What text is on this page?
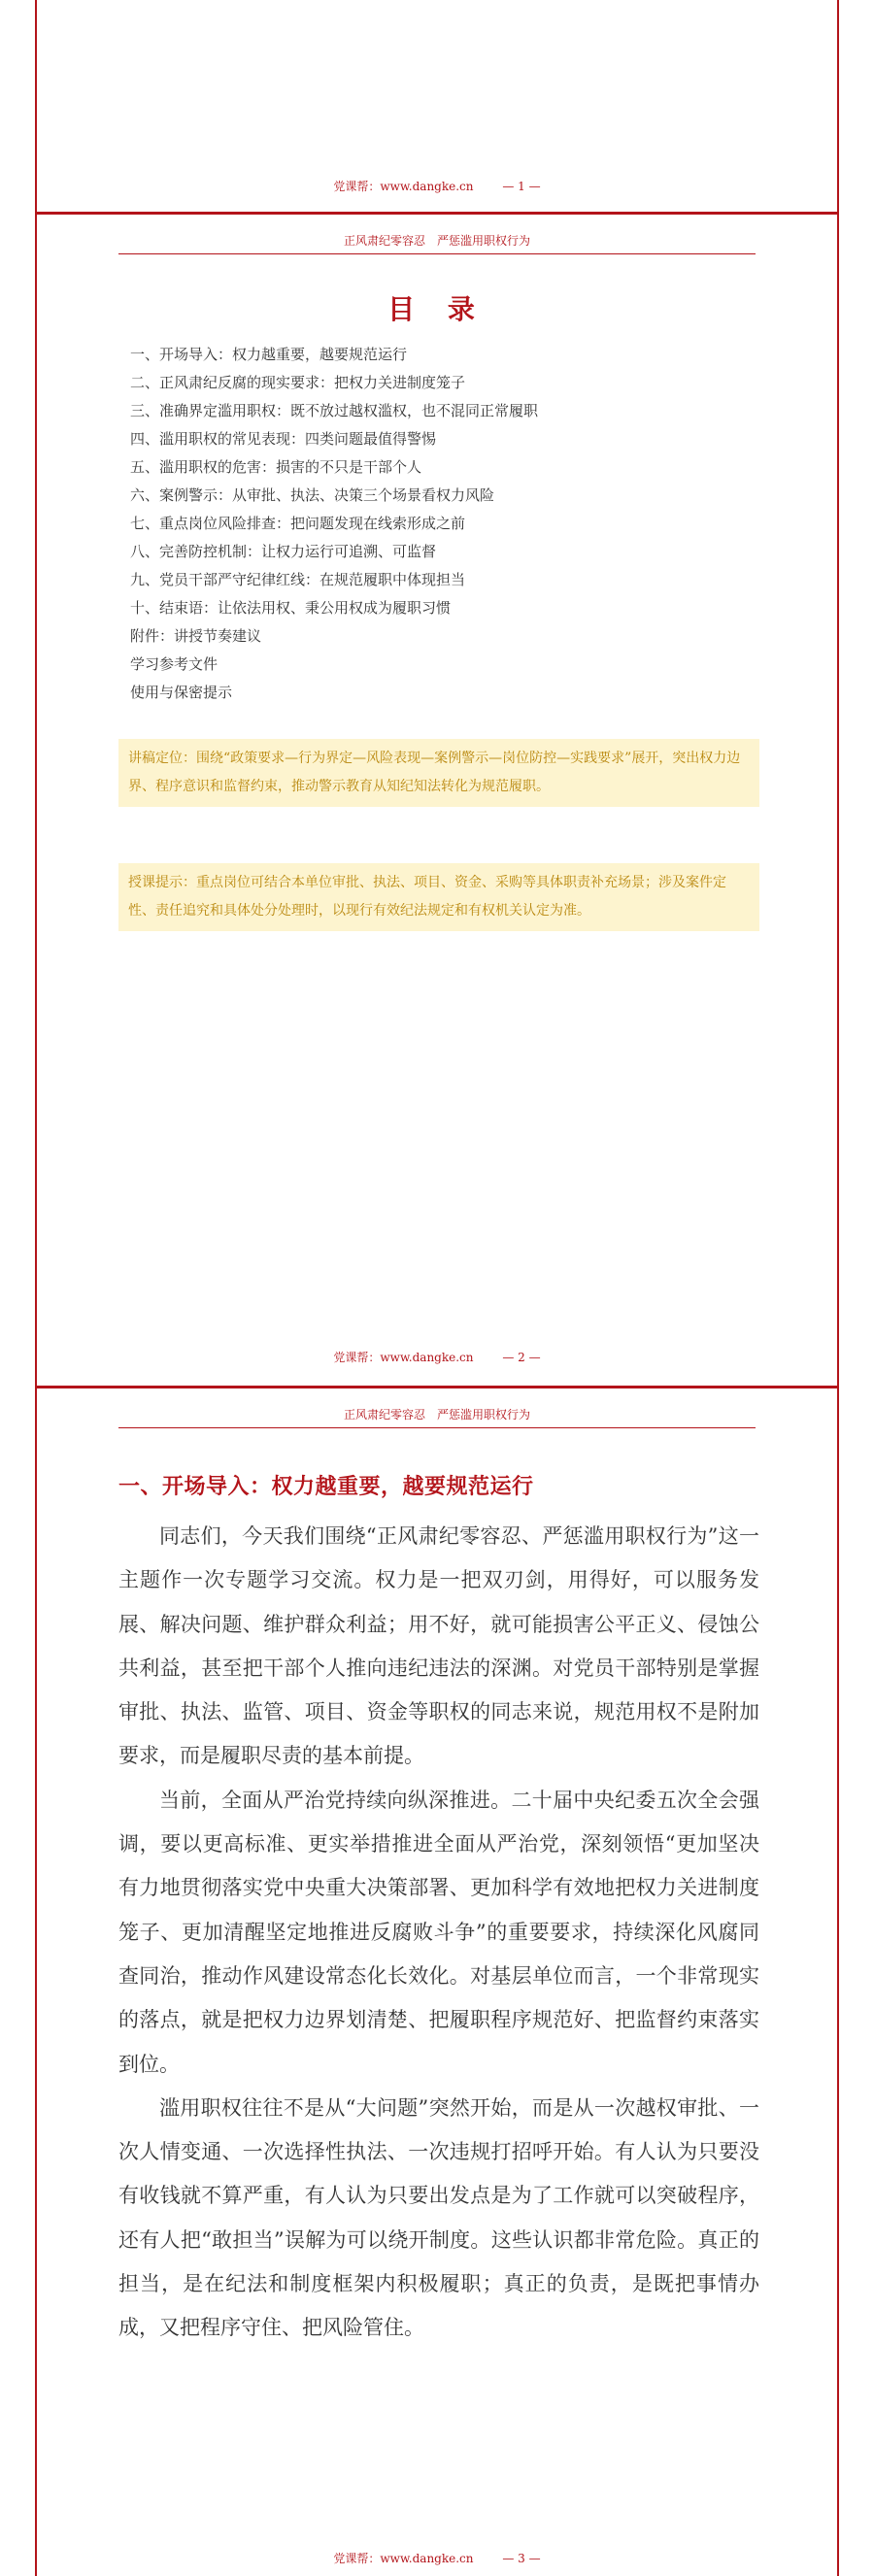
党课帮：www.dangke.cn — 1 —
正风肃纪零容忍　严惩滥用职权行为
目 录
一、开场导入：权力越重要，越要规范运行
二、正风肃纪反腐的现实要求：把权力关进制度笼子
三、准确界定滥用职权：既不放过越权滥权，也不混同正常履职
四、滥用职权的常见表现：四类问题最值得警惕
五、滥用职权的危害：损害的不只是干部个人
六、案例警示：从审批、执法、决策三个场景看权力风险
七、重点岗位风险排查：把问题发现在线索形成之前
八、完善防控机制：让权力运行可追溯、可监督
九、党员干部严守纪律红线：在规范履职中体现担当
十、结束语：让依法用权、秉公用权成为履职习惯
附件：讲授节奏建议
学习参考文件
使用与保密提示
讲稿定位：围绕“政策要求—行为界定—风险表现—案例警示—岗位防控—实践要求”展开，突出权力边界、程序意识和监督约束，推动警示教育从知纪知法转化为规范履职。
授课提示：重点岗位可结合本单位审批、执法、项目、资金、采购等具体职责补充场景；涉及案件定性、责任追究和具体处分处理时，以现行有效纪法规定和有权机关认定为准。
党课帮：www.dangke.cn — 2 —
正风肃纪零容忍　严惩滥用职权行为
一、开场导入：权力越重要，越要规范运行

同志们，今天我们围绕“正风肃纪零容忍、严惩滥用职权行为”这一主题作一次专题学习交流。权力是一把双刃剑，用得好，可以服务发展、解决问题、维护群众利益；用不好，就可能损害公平正义、侵蚀公共利益，甚至把干部个人推向违纪违法的深渊。对党员干部特别是掌握审批、执法、监管、项目、资金等职权的同志来说，规范用权不是附加要求，而是履职尽责的基本前提。

当前，全面从严治党持续向纵深推进。二十届中央纪委五次全会强调，要以更高标准、更实举措推进全面从严治党，深刻领悟“更加坚决有力地贯彻落实党中央重大决策部署、更加科学有效地把权力关进制度笼子、更加清醒坚定地推进反腐败斗争”的重要要求，持续深化风腐同查同治，推动作风建设常态化长效化。对基层单位而言，一个非常现实的落点，就是把权力边界划清楚、把履职程序规范好、把监督约束落实到位。

滥用职权往往不是从“大问题”突然开始，而是从一次越权审批、一次人情变通、一次选择性执法、一次违规打招呼开始。有人认为只要没有收钱就不算严重，有人认为只要出发点是为了工作就可以突破程序，还有人把“敢担当”误解为可以绕开制度。这些认识都非常危险。真正的担当，是在纪法和制度框架内积极履职；真正的负责，是既把事情办成，又把程序守住、把风险管住。

党课帮：www.dangke.cn — 3 —
